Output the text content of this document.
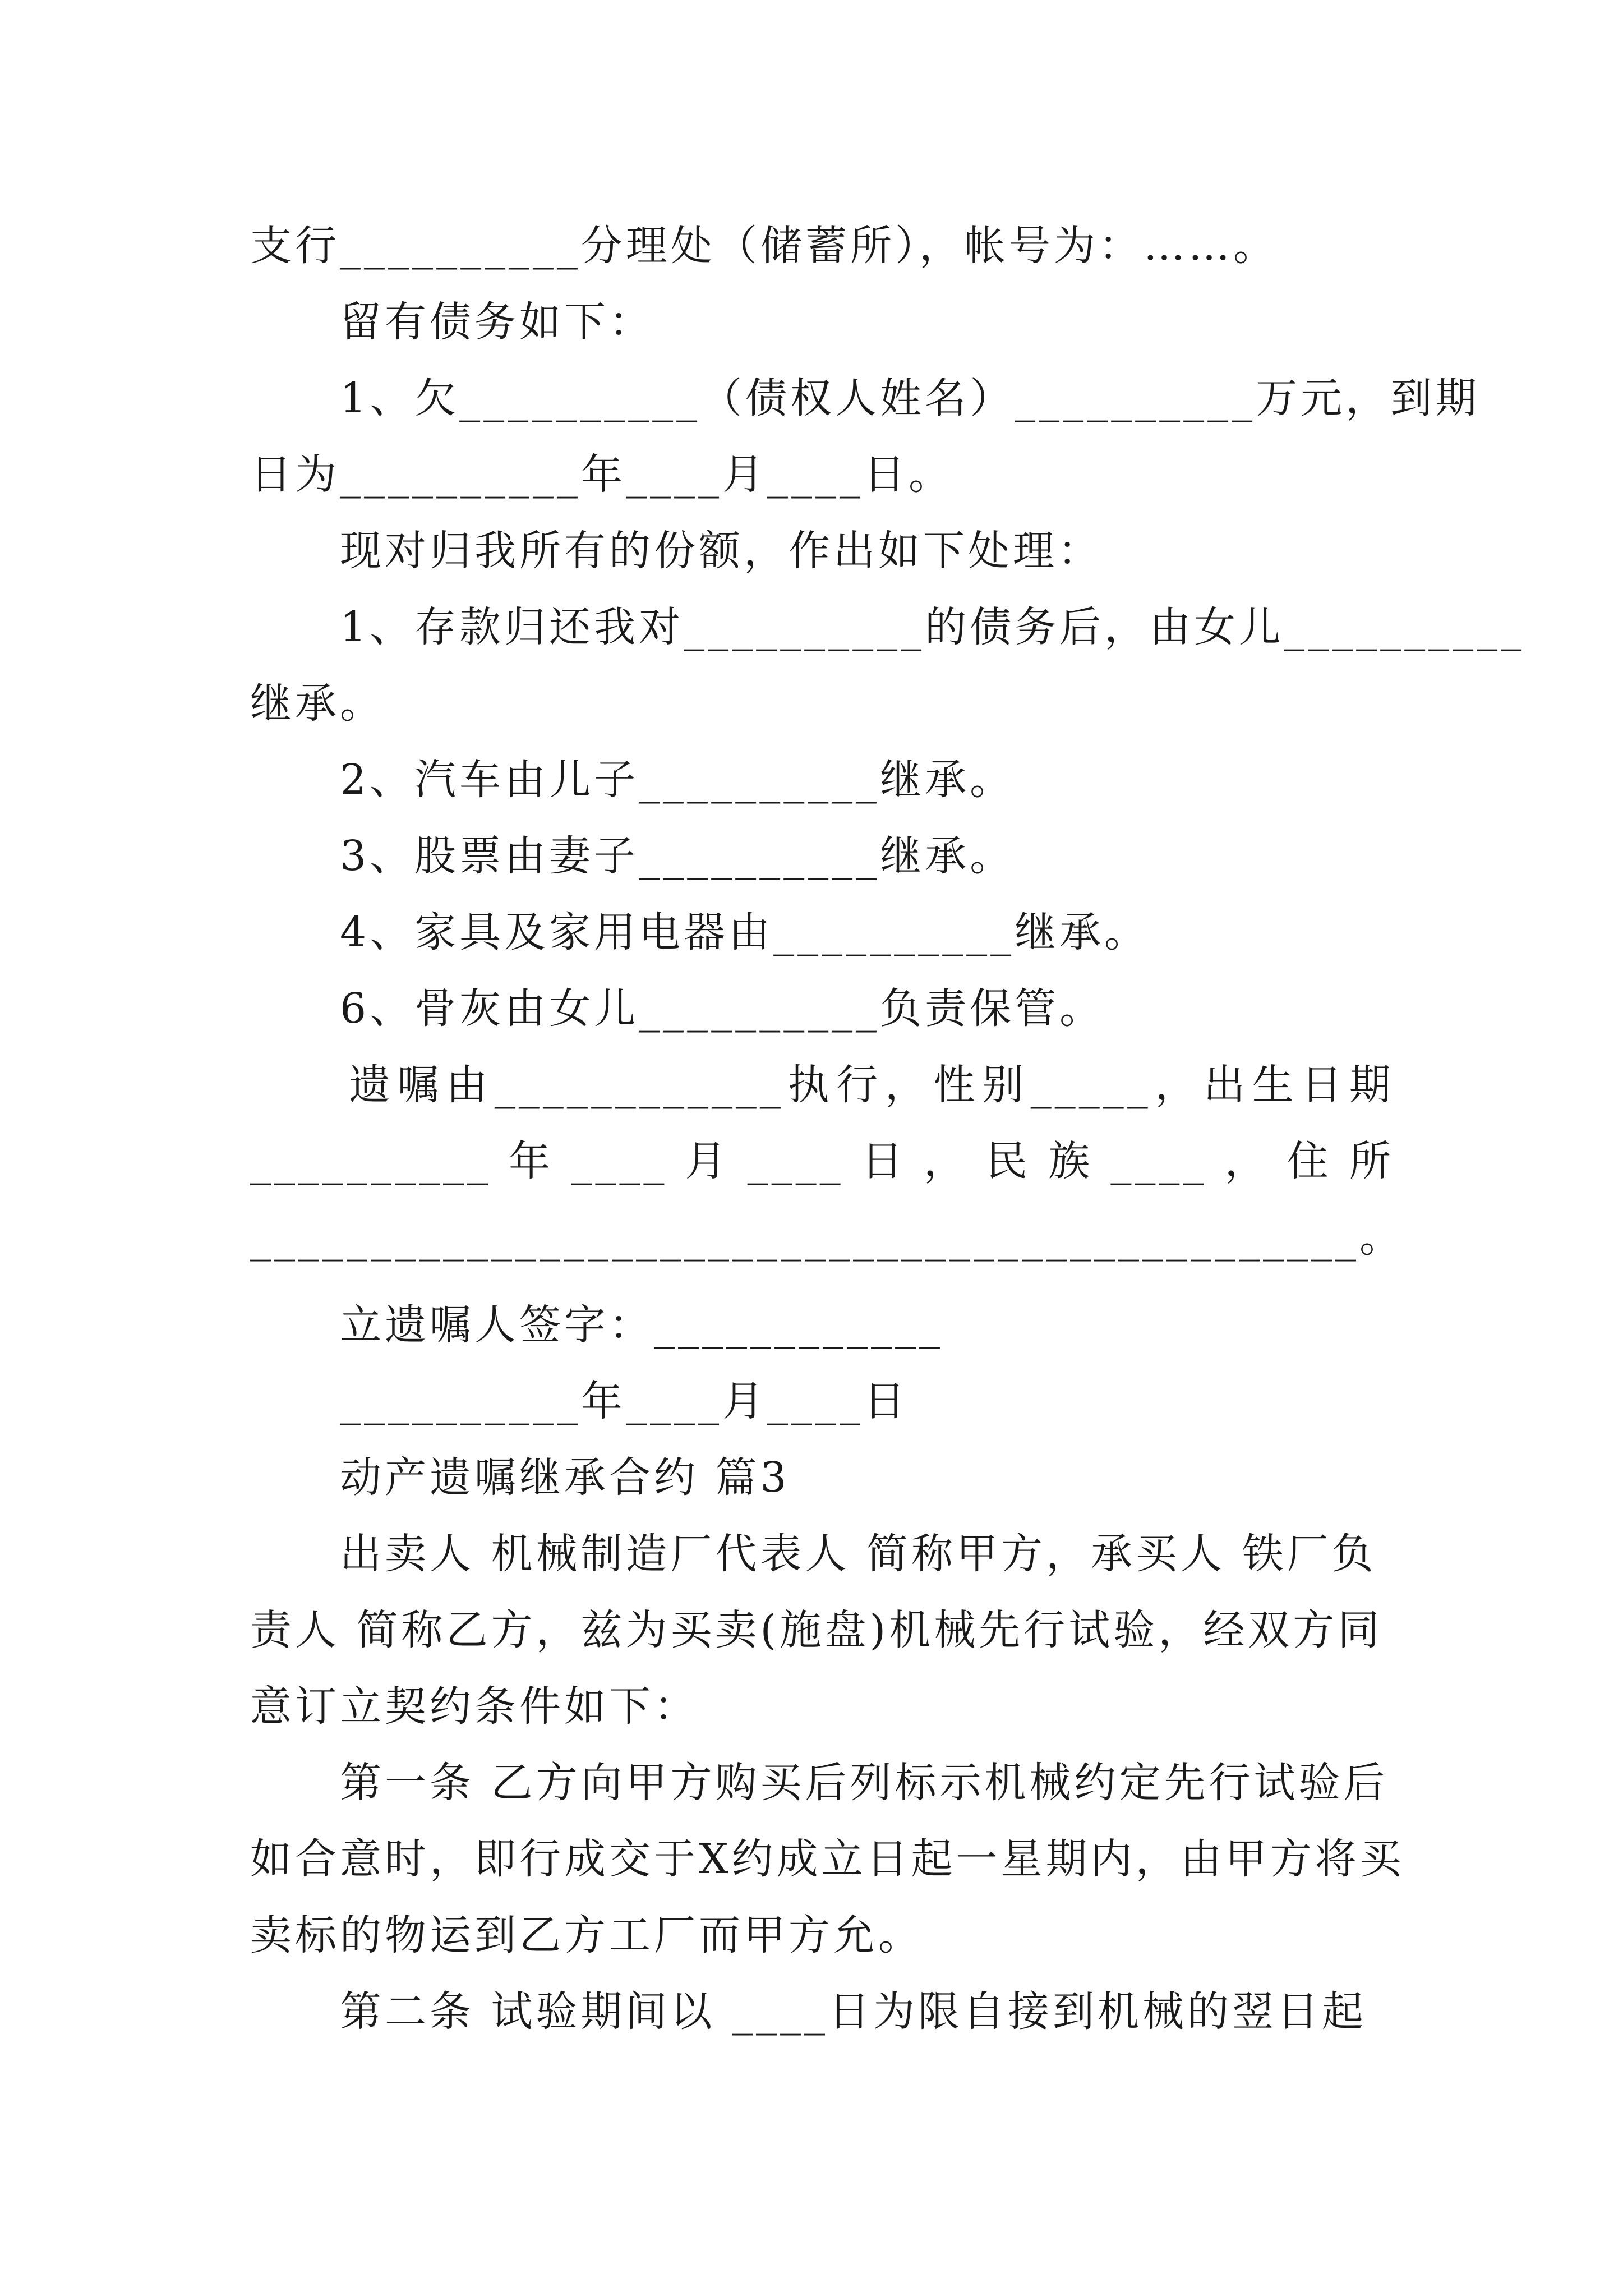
支行__________分理处（储蓄所），帐号为：……。
留有债务如下：
1、欠__________（债权人姓名）__________万元，到期
日为__________年____月____日。
现对归我所有的份额，作出如下处理：
1、存款归还我对__________的债务后，由女儿__________
继承。
2、汽车由儿子__________继承。
3、股票由妻子__________继承。
4、家具及家用电器由__________继承。
6、骨灰由女儿__________负责保管。
遗 嘱 由 ____________ 执 行 ， 性 别 _____ ， 出 生 日 期
__________ 年 ____ 月 ____ 日 ， 民 族 ____ ， 住 所
______________________________________________。
立遗嘱人签字：____________
__________年____月____日
动产遗嘱继承合约 篇3
出卖人 机械制造厂代表人 简称甲方，承买人 铁厂负
责人 简称乙方，兹为买卖(施盘)机械先行试验，经双方同
意订立契约条件如下：
第一条 乙方向甲方购买后列标示机械约定先行试验后
如合意时，即行成交于X约成立日起一星期内，由甲方将买
卖标的物运到乙方工厂而甲方允。
第二条 试验期间以 ____日为限自接到机械的翌日起
